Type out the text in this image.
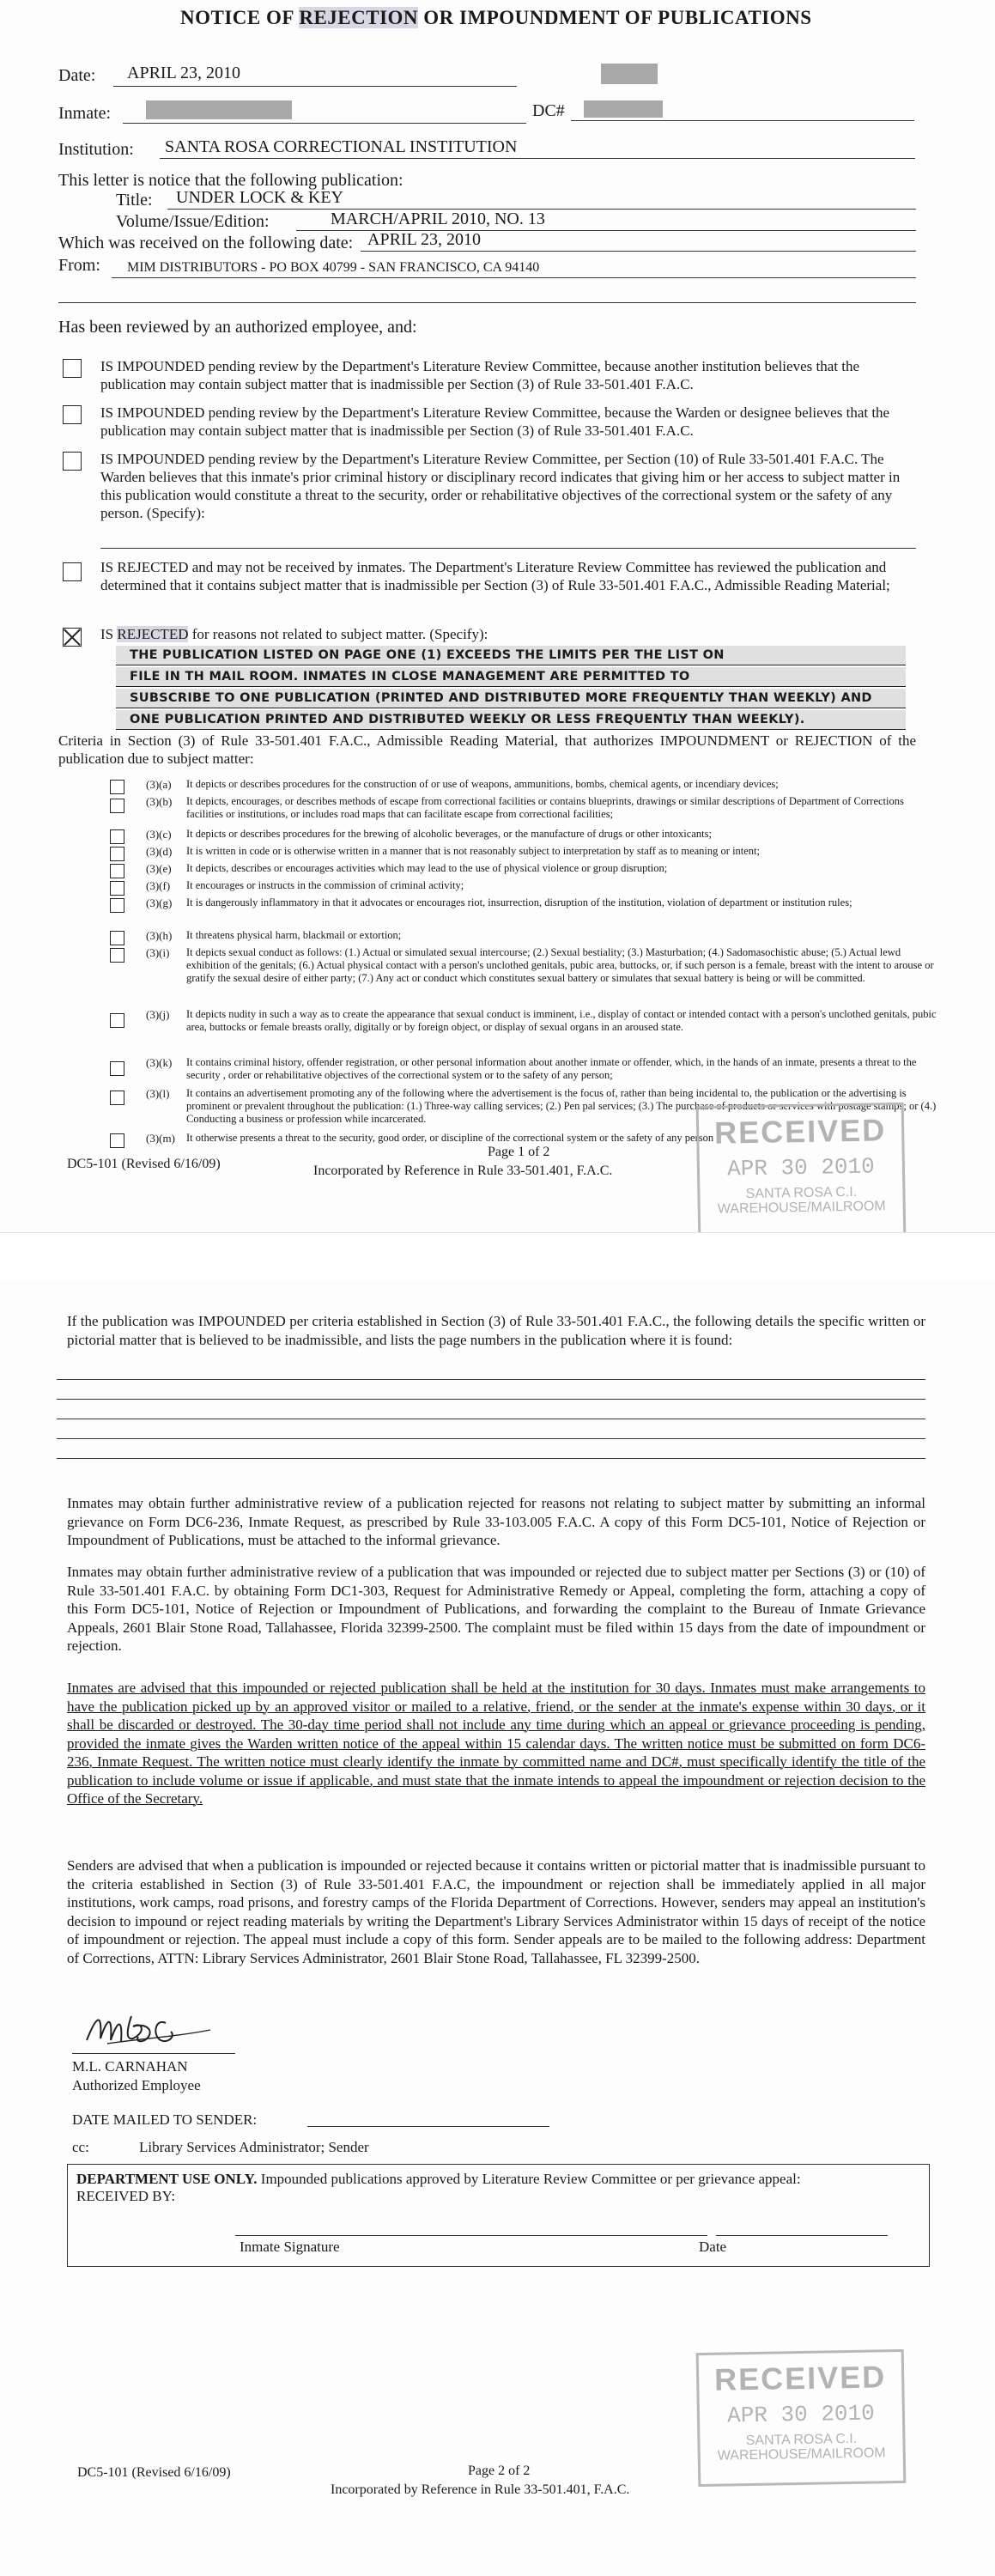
NOTICE OF REJECTION OR IMPOUNDMENT OF PUBLICATIONS
Date: APRIL 23, 2010
Inmate:	DC#
Institution: SANTA ROSA CORRECTIONAL INSTITUTION
This letter is notice that the following publication:
Title: UNDER LOCK & KEY
Volume/Issue/Edition:	MARCH/APRIL 2010, NO. 13
Which was received on the following date: APRIL 23, 2010
From: MIM DISTRIBUTORS - PO BOX 40799 - SAN FRANCISCO, CA 94140
Has been reviewed by an authorized employee, and:
IS IMPOUNDED pending review by the Department's Literature Review Committee, because another institution believes that the publication may contain subject matter that is inadmissible per Section (3) of Rule 33-501.401 F.A.C.
IS IMPOUNDED pending review by the Department's Literature Review Committee, because the Warden or designee believes that the publication may contain subject matter that is inadmissible per Section (3) of Rule 33-501.401 F.A.C.
IS IMPOUNDED pending review by the Department's Literature Review Committee, per Section (10) of Rule 33-501.401 F.A.C. The Warden believes that this inmate's prior criminal history or disciplinary record indicates that giving him or her access to subject matter in this publication would constitute a threat to the security, order or rehabilitative objectives of the correctional system or the safety of any person. (Specify):
IS REJECTED and may not be received by inmates. The Department's Literature Review Committee has reviewed the publication and determined that it contains subject matter that is inadmissible per Section (3) of Rule 33-501.401 F.A.C., Admissible Reading Material;
IS REJECTED for reasons not related to subject matter. (Specify):
THE PUBLICATION LISTED ON PAGE ONE (1) EXCEEDS THE LIMITS PER THE LIST ON
FILE IN TH MAIL ROOM. INMATES IN CLOSE MANAGEMENT ARE PERMITTED TO
SUBSCRIBE TO ONE PUBLICATION (PRINTED AND DISTRIBUTED MORE FREQUENTLY THAN WEEKLY) AND
ONE PUBLICATION PRINTED AND DISTRIBUTED WEEKLY OR LESS FREQUENTLY THAN WEEKLY).
Criteria in Section (3) of Rule 33-501.401 F.A.C., Admissible Reading Material, that authorizes IMPOUNDMENT or REJECTION of the publication due to subject matter:
(3)(a)	It depicts or describes procedures for the construction of or use of weapons, ammunitions, bombs, chemical agents, or incendiary devices;
(3)(b)	It depicts, encourages, or describes methods of escape from correctional facilities or contains blueprints, drawings or similar descriptions of Department of Corrections facilities or institutions, or includes road maps that can facilitate escape from correctional facilities;
(3)(c)	It depicts or describes procedures for the brewing of alcoholic beverages, or the manufacture of drugs or other intoxicants;
(3)(d)	It is written in code or is otherwise written in a manner that is not reasonably subject to interpretation by staff as to meaning or intent;
(3)(e)	It depicts, describes or encourages activities which may lead to the use of physical violence or group disruption;
(3)(f)	It encourages or instructs in the commission of criminal activity;
(3)(g)	It is dangerously inflammatory in that it advocates or encourages riot, insurrection, disruption of the institution, violation of department or institution rules;
(3)(h)	It threatens physical harm, blackmail or extortion;
(3)(i)	It depicts sexual conduct as follows: (1.) Actual or simulated sexual intercourse; (2.) Sexual bestiality; (3.) Masturbation; (4.) Sadomasochistic abuse; (5.) Actual lewd exhibition of the genitals; (6.) Actual physical contact with a person's unclothed genitals, pubic area, buttocks, or, if such person is a female, breast with the intent to arouse or gratify the sexual desire of either party; (7.) Any act or conduct which constitutes sexual battery or simulates that sexual battery is being or will be committed.
(3)(j)	It depicts nudity in such a way as to create the appearance that sexual conduct is imminent, i.e., display of contact or intended contact with a person's unclothed genitals, pubic area, buttocks or female breasts orally, digitally or by foreign object, or display of sexual organs in an aroused state.
(3)(k)	It contains criminal history, offender registration, or other personal information about another inmate or offender, which, in the hands of an inmate, presents a threat to the security , order or rehabilitative objectives of the correctional system or to the safety of any person;
(3)(l)	It contains an advertisement promoting any of the following where the advertisement is the focus of, rather than being incidental to, the publication or the advertising is prominent or prevalent throughout the publication: (1.) Three-way calling services; (2.) Pen pal services; (3.) The purchase of products or services with postage stamps; or (4.) Conducting a business or profession while incarcerated.
(3)(m)	It otherwise presents a threat to the security, good order, or discipline of the correctional system or the safety of any person
DC5-101 (Revised 6/16/09)
Page 1 of 2
Incorporated by Reference in Rule 33-501.401, F.A.C.
RECEIVED
APR 30 2010
SANTA ROSA C.I.
WAREHOUSE/MAILROOM
If the publication was IMPOUNDED per criteria established in Section (3) of Rule 33-501.401 F.A.C., the following details the specific written or pictorial matter that is believed to be inadmissible, and lists the page numbers in the publication where it is found:
Inmates may obtain further administrative review of a publication rejected for reasons not relating to subject matter by submitting an informal grievance on Form DC6-236, Inmate Request, as prescribed by Rule 33-103.005 F.A.C. A copy of this Form DC5-101, Notice of Rejection or Impoundment of Publications, must be attached to the informal grievance.
Inmates may obtain further administrative review of a publication that was impounded or rejected due to subject matter per Sections (3) or (10) of Rule 33-501.401 F.A.C. by obtaining Form DC1-303, Request for Administrative Remedy or Appeal, completing the form, attaching a copy of this Form DC5-101, Notice of Rejection or Impoundment of Publications, and forwarding the complaint to the Bureau of Inmate Grievance Appeals, 2601 Blair Stone Road, Tallahassee, Florida 32399-2500. The complaint must be filed within 15 days from the date of impoundment or rejection.
Inmates are advised that this impounded or rejected publication shall be held at the institution for 30 days. Inmates must make arrangements to have the publication picked up by an approved visitor or mailed to a relative, friend, or the sender at the inmate's expense within 30 days, or it shall be discarded or destroyed. The 30-day time period shall not include any time during which an appeal or grievance proceeding is pending, provided the inmate gives the Warden written notice of the appeal within 15 calendar days. The written notice must be submitted on form DC6-236, Inmate Request. The written notice must clearly identify the inmate by committed name and DC#, must specifically identify the title of the publication to include volume or issue if applicable, and must state that the inmate intends to appeal the impoundment or rejection decision to the Office of the Secretary.
Senders are advised that when a publication is impounded or rejected because it contains written or pictorial matter that is inadmissible pursuant to the criteria established in Section (3) of Rule 33-501.401 F.A.C, the impoundment or rejection shall be immediately applied in all major institutions, work camps, road prisons, and forestry camps of the Florida Department of Corrections. However, senders may appeal an institution's decision to impound or reject reading materials by writing the Department's Library Services Administrator within 15 days of receipt of the notice of impoundment or rejection. The appeal must include a copy of this form. Sender appeals are to be mailed to the following address: Department of Corrections, ATTN: Library Services Administrator, 2601 Blair Stone Road, Tallahassee, FL 32399-2500.
M.L. CARNAHAN
Authorized Employee
DATE MAILED TO SENDER:
cc:	Library Services Administrator; Sender
DEPARTMENT USE ONLY. Impounded publications approved by Literature Review Committee or per grievance appeal:
RECEIVED BY:
Inmate Signature	Date
RECEIVED
APR 30 2010
SANTA ROSA C.I.
WAREHOUSE/MAILROOM
DC5-101 (Revised 6/16/09)	Page 2 of 2
Incorporated by Reference in Rule 33-501.401, F.A.C.
